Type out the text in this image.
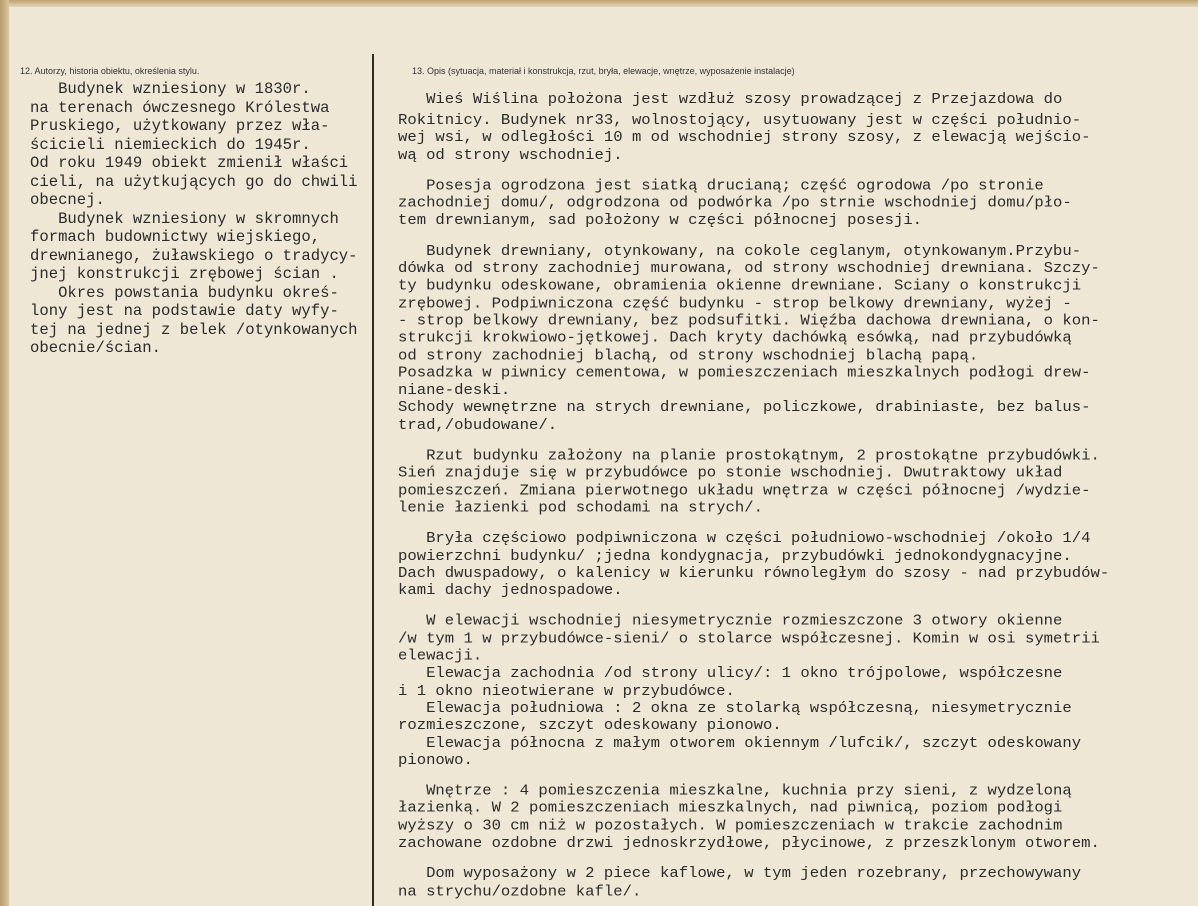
12. Autorzy, historia obiektu, określenia stylu.	13. Opis (sytuacja, materiał i konstrukcja, rzut, bryła, elewacje, wnętrze, wyposażenie instalacje)
Budynek wzniesiony w 1830r.
na terenach ówczesnego Królestwa
Pruskiego, użytkowany przez wła-
ścicieli niemieckich do 1945r.
Od roku 1949 obiekt zmienił właści
cieli, na użytkujących go do chwili
obecnej.
Budynek wzniesiony w skromnych
formach budownictwy wiejskiego,
drewnianego, żuławskiego o tradycy-
jnej konstrukcji zrębowej ścian .
Okres powstania budynku okreś-
lony jest na podstawie daty wyfy-
tej na jednej z belek /otynkowanych
obecnie/ścian.
Wieś Wiślina położona jest wzdłuż szosy prowadzącej z Przejazdowa do
Rokitnicy. Budynek nr33, wolnostojący, usytuowany jest w części południo-
wej wsi, w odległości 10 m od wschodniej strony szosy, z elewacją wejścio-
wą od strony wschodniej.
Posesja ogrodzona jest siatką drucianą; część ogrodowa /po stronie
zachodniej domu/, odgrodzona od podwórka /po strnie wschodniej domu/pło-
tem drewnianym, sad położony w części północnej posesji.
Budynek drewniany, otynkowany, na cokole ceglanym, otynkowanym.Przybu-
dówka od strony zachodniej murowana, od strony wschodniej drewniana. Szczy-
ty budynku odeskowane, obramienia okienne drewniane. Sciany o konstrukcji
zrębowej. Podpiwniczona część budynku - strop belkowy drewniany, wyżej -
- strop belkowy drewniany, bez podsufitki. Więźba dachowa drewniana, o kon-
strukcji krokwiowo-jętkowej. Dach kryty dachówką esówką, nad przybudówką
od strony zachodniej blachą, od strony wschodniej blachą papą.
Posadzka w piwnicy cementowa, w pomieszczeniach mieszkalnych podłogi drew-
niane-deski.
Schody wewnętrzne na strych drewniane, policzkowe, drabiniaste, bez balus-
trad,/obudowane/.
Rzut budynku założony na planie prostokątnym, 2 prostokątne przybudówki.
Sień znajduje się w przybudówce po stonie wschodniej. Dwutraktowy układ
pomieszczeń. Zmiana pierwotnego układu wnętrza w części północnej /wydzie-
lenie łazienki pod schodami na strych/.
Bryła częściowo podpiwniczona w części południowo-wschodniej /około 1/4
powierzchni budynku/ ;jedna kondygnacja, przybudówki jednokondygnacyjne.
Dach dwuspadowy, o kalenicy w kierunku równoległym do szosy - nad przybudów-
kami dachy jednospadowe.
W elewacji wschodniej niesymetrycznie rozmieszczone 3 otwory okienne
/w tym 1 w przybudówce-sieni/ o stolarce współczesnej. Komin w osi symetrii
elewacji.
Elewacja zachodnia /od strony ulicy/: 1 okno trójpolowe, współczesne
i 1 okno nieotwierane w przybudówce.
Elewacja południowa : 2 okna ze stolarką współczesną, niesymetrycznie
rozmieszczone, szczyt odeskowany pionowo.
Elewacja północna z małym otworem okiennym /lufcik/, szczyt odeskowany
pionowo.
Wnętrze : 4 pomieszczenia mieszkalne, kuchnia przy sieni, z wydzeloną
łazienką. W 2 pomieszczeniach mieszkalnych, nad piwnicą, poziom podłogi
wyższy o 30 cm niż w pozostałych. W pomieszczeniach w trakcie zachodnim
zachowane ozdobne drzwi jednoskrzydłowe, płycinowe, z przeszklonym otworem.
Dom wyposażony w 2 piece kaflowe, w tym jeden rozebrany, przechowywany
na strychu/ozdobne kafle/.
